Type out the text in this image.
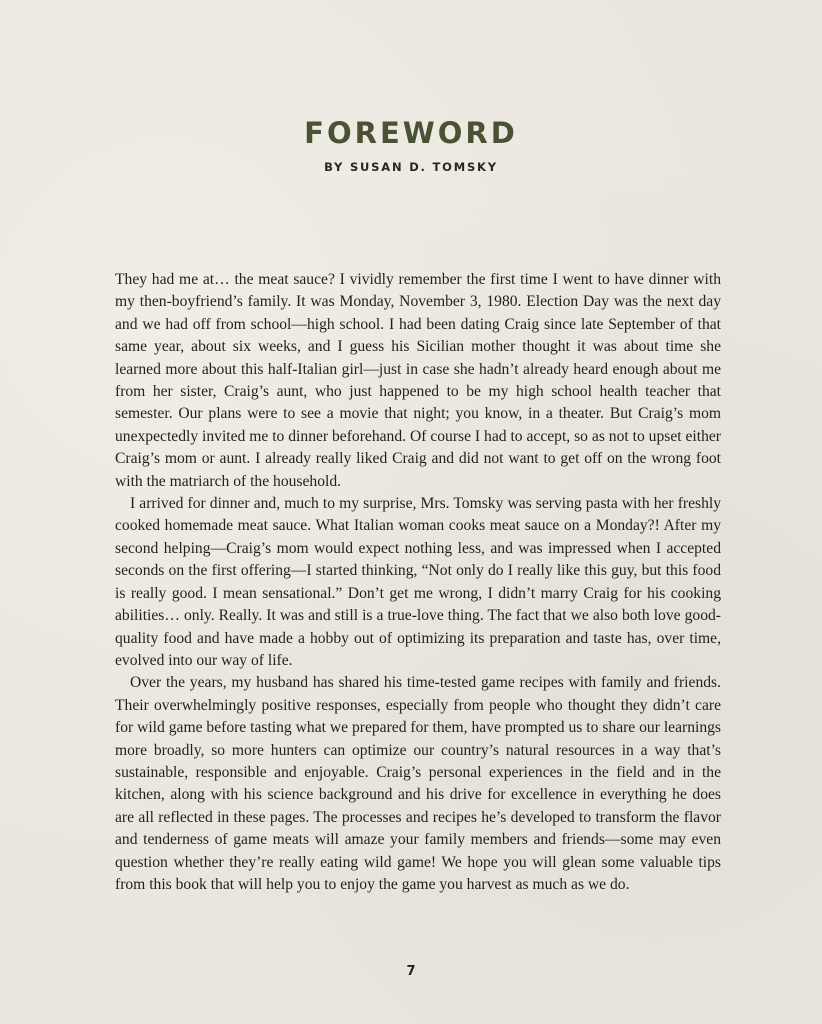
FOREWORD
BY SUSAN D. TOMSKY

They had me at… the meat sauce? I vividly remember the first time I went to have dinner with my then-boyfriend’s family. It was Monday, November 3, 1980. Election Day was the next day and we had off from school—high school. I had been dating Craig since late September of that same year, about six weeks, and I guess his Sicilian mother thought it was about time she learned more about this half-Italian girl—just in case she hadn’t already heard enough about me from her sister, Craig’s aunt, who just happened to be my high school health teacher that semester. Our plans were to see a movie that night; you know, in a theater. But Craig’s mom unexpectedly invited me to dinner beforehand. Of course I had to accept, so as not to upset either Craig’s mom or aunt. I already really liked Craig and did not want to get off on the wrong foot with the matriarch of the household.

I arrived for dinner and, much to my surprise, Mrs. Tomsky was serving pasta with her freshly cooked homemade meat sauce. What Italian woman cooks meat sauce on a Monday?! After my second helping—Craig’s mom would expect nothing less, and was impressed when I accepted seconds on the first offering—I started thinking, “Not only do I really like this guy, but this food is really good. I mean sensational.” Don’t get me wrong, I didn’t marry Craig for his cooking abilities… only. Really. It was and still is a true-love thing. The fact that we also both love good-quality food and have made a hobby out of optimizing its preparation and taste has, over time, evolved into our way of life.

Over the years, my husband has shared his time-tested game recipes with family and friends. Their overwhelmingly positive responses, especially from people who thought they didn’t care for wild game before tasting what we prepared for them, have prompted us to share our learnings more broadly, so more hunters can optimize our country’s natural resources in a way that’s sustainable, responsible and enjoyable. Craig’s personal experiences in the field and in the kitchen, along with his science background and his drive for excellence in everything he does are all reflected in these pages. The processes and recipes he’s developed to transform the flavor and tenderness of game meats will amaze your family members and friends—some may even question whether they’re really eating wild game! We hope you will glean some valuable tips from this book that will help you to enjoy the game you harvest as much as we do.

7
